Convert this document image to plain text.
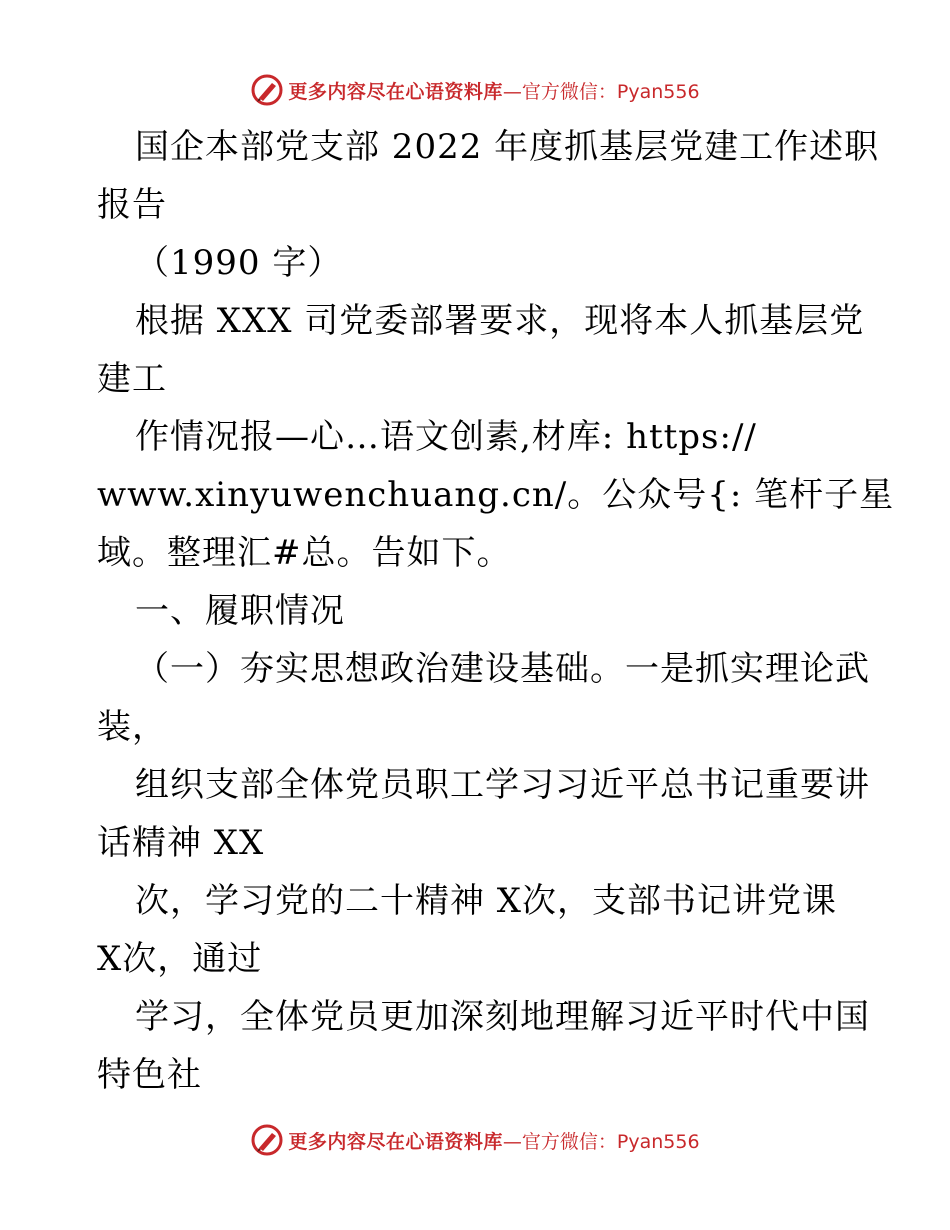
更多内容尽在心语资料库 —官方微信：Pyan556
国企本部党支部 2022 年度抓基层党建工作述职
报告
（1990 字）
根据 XXX 司党委部署要求，现将本人抓基层党
建工
作情况报—心…语文创素,材库: https://
www.xinyuwenchuang.cn/。公众号{: 笔杆子星
域。整理汇#总。告如下。
一、履职情况
（一）夯实思想政治建设基础。一是抓实理论武
装，
组织支部全体党员职工学习习近平总书记重要讲
话精神 XX
次，学习党的二十精神 X次，支部书记讲党课
X次，通过
学习，全体党员更加深刻地理解习近平时代中国
特色社
更多内容尽在心语资料库 —官方微信：Pyan556
